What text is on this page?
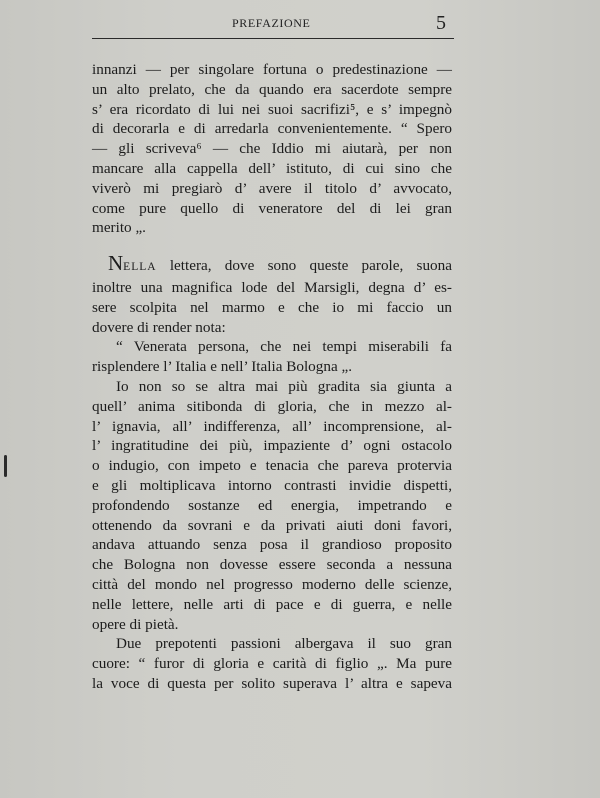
PREFAZIONE	5
innanzi — per singolare fortuna o predestinazione —
un alto prelato, che da quando era sacerdote sempre
s’ era ricordato di lui nei suoi sacrifizi⁵, e s’ impegnò
di decorarla e di arredarla convenientemente. “ Spero
— gli scriveva⁶ — che Iddio mi aiutarà, per non
mancare alla cappella dell’ istituto, di cui sino che
viverò mi pregiarò d’ avere il titolo d’ avvocato,
come pure quello di veneratore del di lei gran
merito „.
NELLA lettera, dove sono queste parole, suona
inoltre una magnifica lode del Marsigli, degna d’ es-
sere scolpita nel marmo e che io mi faccio un
dovere di render nota:
“ Venerata persona, che nei tempi miserabili fa
risplendere l’ Italia e nell’ Italia Bologna „.
Io non so se altra mai più gradita sia giunta a
quell’ anima sitibonda di gloria, che in mezzo al-
l’ ignavia, all’ indifferenza, all’ incomprensione, al-
l’ ingratitudine dei più, impaziente d’ ogni ostacolo
o indugio, con impeto e tenacia che pareva protervia
e gli moltiplicava intorno contrasti invidie dispetti,
profondendo sostanze ed energia, impetrando e
ottenendo da sovrani e da privati aiuti doni favori,
andava attuando senza posa il grandioso proposito
che Bologna non dovesse essere seconda a nessuna
città del mondo nel progresso moderno delle scienze,
nelle lettere, nelle arti di pace e di guerra, e nelle
opere di pietà.
Due prepotenti passioni albergava il suo gran
cuore: “ furor di gloria e carità di figlio „. Ma pure
la voce di questa per solito superava l’ altra e sapeva
